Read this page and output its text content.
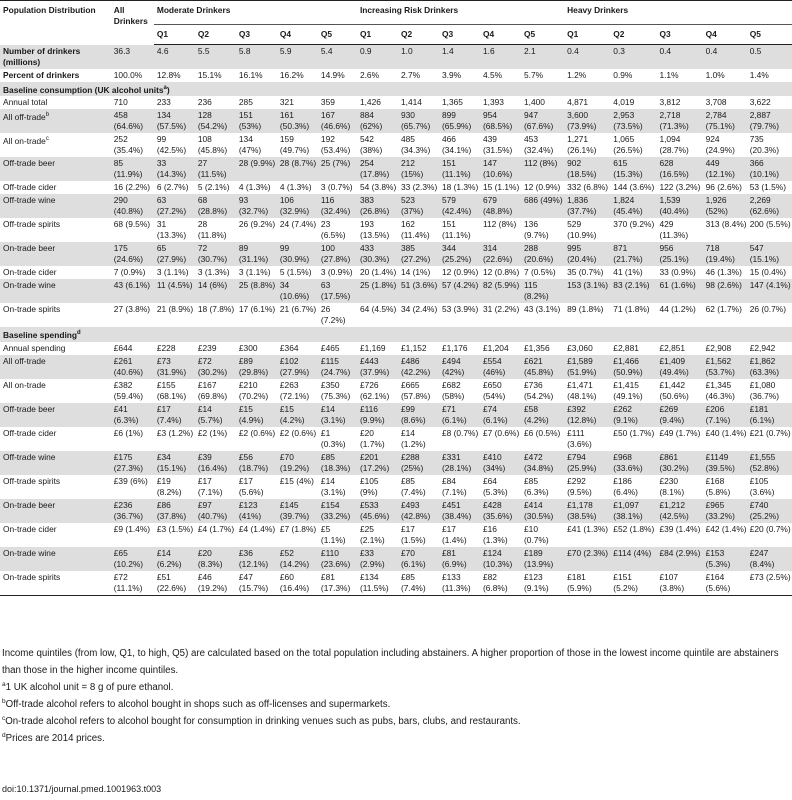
Population Distribution	All Drinkers	Moderate Drinkers					Increasing Risk Drinkers					Heavy Drinkers				
		Q1	Q2	Q3	Q4	Q5	Q1	Q2	Q3	Q4	Q5	Q1	Q2	Q3	Q4	Q5
Number of drinkers (millions)	36.3	4.6	5.5	5.8	5.9	5.4	0.9	1.0	1.4	1.6	2.1	0.4	0.3	0.4	0.4	0.5
Percent of drinkers	100.0%	12.8%	15.1%	16.1%	16.2%	14.9%	2.6%	2.7%	3.9%	4.5%	5.7%	1.2%	0.9%	1.1%	1.0%	1.4%
Baseline consumption (UK alcohol units$^a$)																
Annual total	710	233	236	285	321	359	1,426	1,414	1,365	1,393	1,400	4,871	4,019	3,812	3,708	3,622
All off-trade$^b$	458 (64.6%)	134 (57.5%)	128 (54.2%)	151 (53%)	161 (50.3%)	167 (46.6%)	884 (62%)	930 (65.7%)	899 (65.9%)	954 (68.5%)	947 (67.6%)	3,600 (73.9%)	2,953 (73.5%)	2,718 (71.3%)	2,784 (75.1%)	2,887 (79.7%)
All on-trade$^c$	252 (35.4%)	99 (42.5%)	108 (45.8%)	134 (47%)	159 (49.7%)	192 (53.4%)	542 (38%)	485 (34.3%)	466 (34.1%)	439 (31.5%)	453 (32.4%)	1,271 (26.1%)	1,065 (26.5%)	1,094 (28.7%)	924 (24.9%)	735 (20.3%)
Off-trade beer	85 (11.9%)	33 (14.3%)	27 (11.5%)	28 (9.9%)	28 (8.7%)	25 (7%)	254 (17.8%)	212 (15%)	151 (11.1%)	147 (10.6%)	112 (8%)	902 (18.5%)	615 (15.3%)	628 (16.5%)	449 (12.1%)	366 (10.1%)
Off-trade cider	16 (2.2%)	6 (2.7%)	5 (2.1%)	4 (1.3%)	4 (1.3%)	3 (0.7%)	54 (3.8%)	33 (2.3%)	18 (1.3%)	15 (1.1%)	12 (0.9%)	332 (6.8%)	144 (3.6%)	122 (3.2%)	96 (2.6%)	53 (1.5%)
Off-trade wine	290 (40.8%)	63 (27.2%)	68 (28.8%)	93 (32.7%)	106 (32.9%)	116 (32.4%)	383 (26.8%)	523 (37%)	579 (42.4%)	679 (48.8%)	686 (49%)	1,836 (37.7%)	1,824 (45.4%)	1,539 (40.4%)	1,926 (52%)	2,269 (62.6%)
Off-trade spirits	68 (9.5%)	31 (13.3%)	28 (11.8%)	26 (9.2%)	24 (7.4%)	23 (6.5%)	193 (13.5%)	162 (11.4%)	151 (11.1%)	112 (8%)	136 (9.7%)	529 (10.9%)	370 (9.2%)	429 (11.3%)	313 (8.4%)	200 (5.5%)
On-trade beer	175 (24.6%)	65 (27.9%)	72 (30.7%)	89 (31.1%)	99 (30.9%)	100 (27.8%)	433 (30.3%)	385 (27.2%)	344 (25.2%)	314 (22.6%)	288 (20.6%)	995 (20.4%)	871 (21.7%)	956 (25.1%)	718 (19.4%)	547 (15.1%)
On-trade cider	7 (0.9%)	3 (1.1%)	3 (1.3%)	3 (1.1%)	5 (1.5%)	3 (0.9%)	20 (1.4%)	14 (1%)	12 (0.9%)	12 (0.8%)	7 (0.5%)	35 (0.7%)	41 (1%)	33 (0.9%)	46 (1.3%)	15 (0.4%)
On-trade wine	43 (6.1%)	11 (4.5%)	14 (6%)	25 (8.8%)	34 (10.6%)	63 (17.5%)	25 (1.8%)	51 (3.6%)	57 (4.2%)	82 (5.9%)	115 (8.2%)	153 (3.1%)	83 (2.1%)	61 (1.6%)	98 (2.6%)	147 (4.1%)
On-trade spirits	27 (3.8%)	21 (8.9%)	18 (7.8%)	17 (6.1%)	21 (6.7%)	26 (7.2%)	64 (4.5%)	34 (2.4%)	53 (3.9%)	31 (2.2%)	43 (3.1%)	89 (1.8%)	71 (1.8%)	44 (1.2%)	62 (1.7%)	26 (0.7%)
Baseline spending$^d$
Annual spending	£644	£228	£239	£300	£364	£465	£1,169	£1,152	£1,176	£1,204	£1,356	£3,060	£2,881	£2,851	£2,908	£2,942
All off-trade	£261 (40.6%)	£73 (31.9%)	£72 (30.2%)	£89 (29.8%)	£102 (27.9%)	£115 (24.7%)	£443 (37.9%)	£486 (42.2%)	£494 (42%)	£554 (46%)	£621 (45.8%)	£1,589 (51.9%)	£1,466 (50.9%)	£1,409 (49.4%)	£1,562 (53.7%)	£1,862 (63.3%)
All on-trade	£382 (59.4%)	£155 (68.1%)	£167 (69.8%)	£210 (70.2%)	£263 (72.1%)	£350 (75.3%)	£726 (62.1%)	£665 (57.8%)	£682 (58%)	£650 (54%)	£736 (54.2%)	£1,471 (48.1%)	£1,415 (49.1%)	£1,442 (50.6%)	£1,345 (46.3%)	£1,080 (36.7%)
Off-trade beer	£41 (6.3%)	£17 (7.4%)	£14 (5.7%)	£15 (4.9%)	£15 (4.2%)	£14 (3.1%)	£116 (9.9%)	£99 (8.6%)	£71 (6.1%)	£74 (6.1%)	£58 (4.2%)	£392 (12.8%)	£262 (9.1%)	£269 (9.4%)	£206 (7.1%)	£181 (6.1%)
Off-trade cider	£6 (1%)	£3 (1.2%)	£2 (1%)	£2 (0.6%)	£2 (0.6%)	£1 (0.3%)	£20 (1.7%)	£14 (1.2%)	£8 (0.7%)	£7 (0.6%)	£6 (0.5%)	£111 (3.6%)	£50 (1.7%)	£49 (1.7%)	£40 (1.4%)	£21 (0.7%)
Off-trade wine	£175 (27.3%)	£34 (15.1%)	£39 (16.4%)	£56 (18.7%)	£70 (19.2%)	£85 (18.3%)	£201 (17.2%)	£288 (25%)	£331 (28.1%)	£410 (34%)	£472 (34.8%)	£794 (25.9%)	£968 (33.6%)	£861 (30.2%)	£1149 (39.5%)	£1,555 (52.8%)
Off-trade spirits	£39 (6%)	£19 (8.2%)	£17 (7.1%)	£17 (5.6%)	£15 (4%)	£14 (3.1%)	£105 (9%)	£85 (7.4%)	£84 (7.1%)	£64 (5.3%)	£85 (6.3%)	£292 (9.5%)	£186 (6.4%)	£230 (8.1%)	£168 (5.8%)	£105 (3.6%)
On-trade beer	£236 (36.7%)	£86 (37.8%)	£97 (40.7%)	£123 (41%)	£145 (39.7%)	£154 (33.2%)	£533 (45.6%)	£493 (42.8%)	£451 (38.4%)	£428 (35.6%)	£414 (30.5%)	£1,178 (38.5%)	£1,097 (38.1%)	£1,212 (42.5%)	£965 (33.2%)	£740 (25.2%)
On-trade cider	£9 (1.4%)	£3 (1.5%)	£4 (1.7%)	£4 (1.4%)	£7 (1.8%)	£5 (1.1%)	£25 (2.1%)	£17 (1.5%)	£17 (1.4%)	£16 (1.3%)	£10 (0.7%)	£41 (1.3%)	£52 (1.8%)	£39 (1.4%)	£42 (1.4%)	£20 (0.7%)
On-trade wine	£65 (10.2%)	£14 (6.2%)	£20 (8.3%)	£36 (12.1%)	£52 (14.2%)	£110 (23.6%)	£33 (2.9%)	£70 (6.1%)	£81 (6.9%)	£124 (10.3%)	£189 (13.9%)	£70 (2.3%)	£114 (4%)	£84 (2.9%)	£153 (5.3%)	£247 (8.4%)
On-trade spirits	£72 (11.1%)	£51 (22.6%)	£46 (19.2%)	£47 (15.7%)	£60 (16.4%)	£81 (17.3%)	£134 (11.5%)	£85 (7.4%)	£133 (11.3%)	£82 (6.8%)	£123 (9.1%)	£181 (5.9%)	£151 (5.2%)	£107 (3.8%)	£164 (5.6%)	£73 (2.5%)

Income quintiles (from low, Q1, to high, Q5) are calculated based on the total population including abstainers. A higher proportion of those in the lowest income quintile are abstainers than those in the higher income quintiles.

$^a$1 UK alcohol unit = 8 g of pure ethanol.

$^b$Off-trade alcohol refers to alcohol bought in shops such as off-licenses and supermarkets.

$^c$On-trade alcohol refers to alcohol bought for consumption in drinking venues such as pubs, bars, clubs, and restaurants.

$^d$Prices are 2014 prices.

doi:10.1371/journal.pmed.1001963.t003
